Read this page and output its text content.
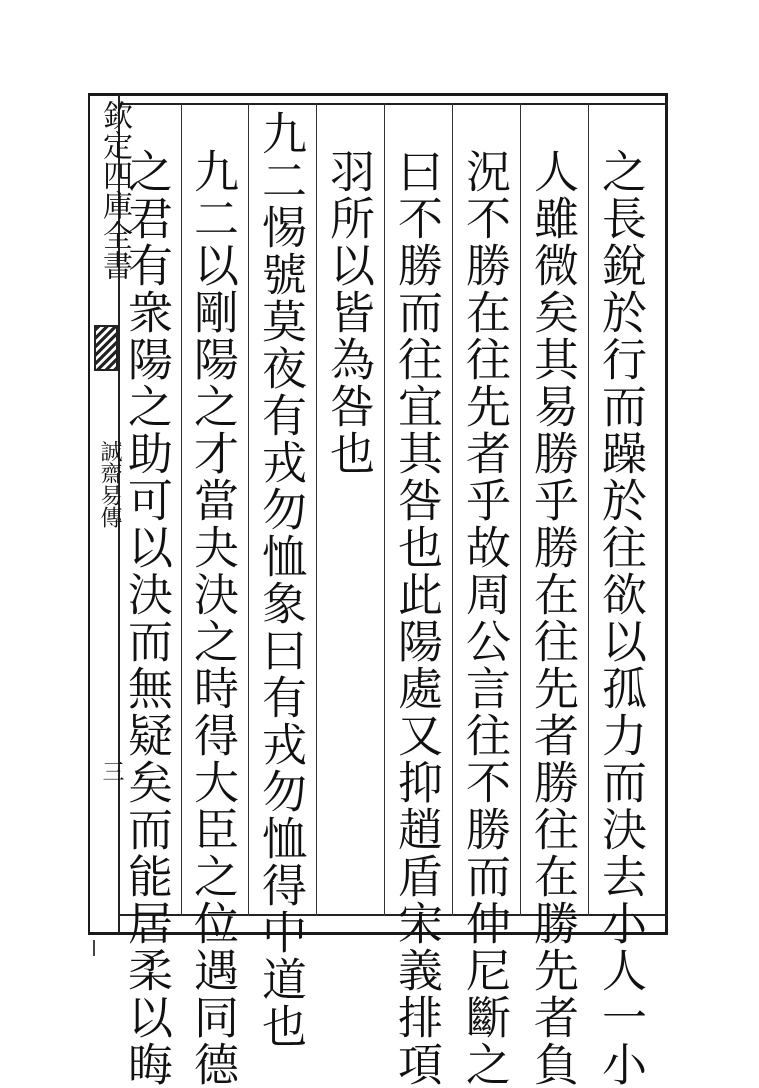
欽定四庫全書
誠齋易傳
三	之長銳於行而躁於往欲以孤力而決去小人一小
人雖微矣其易勝乎勝在往先者勝往在勝先者負
況不勝在往先者乎故周公言往不勝而仲尼斷之
曰不勝而往宜其咎也此陽處又抑趙盾宋義排項
羽所以皆為咎也
九二惕號莫夜有戎勿恤象曰有戎勿恤得中道也
九二以剛陽之才當夬決之時得大臣之位遇同德
之君有衆陽之助可以決而無疑矣而能居柔以晦
